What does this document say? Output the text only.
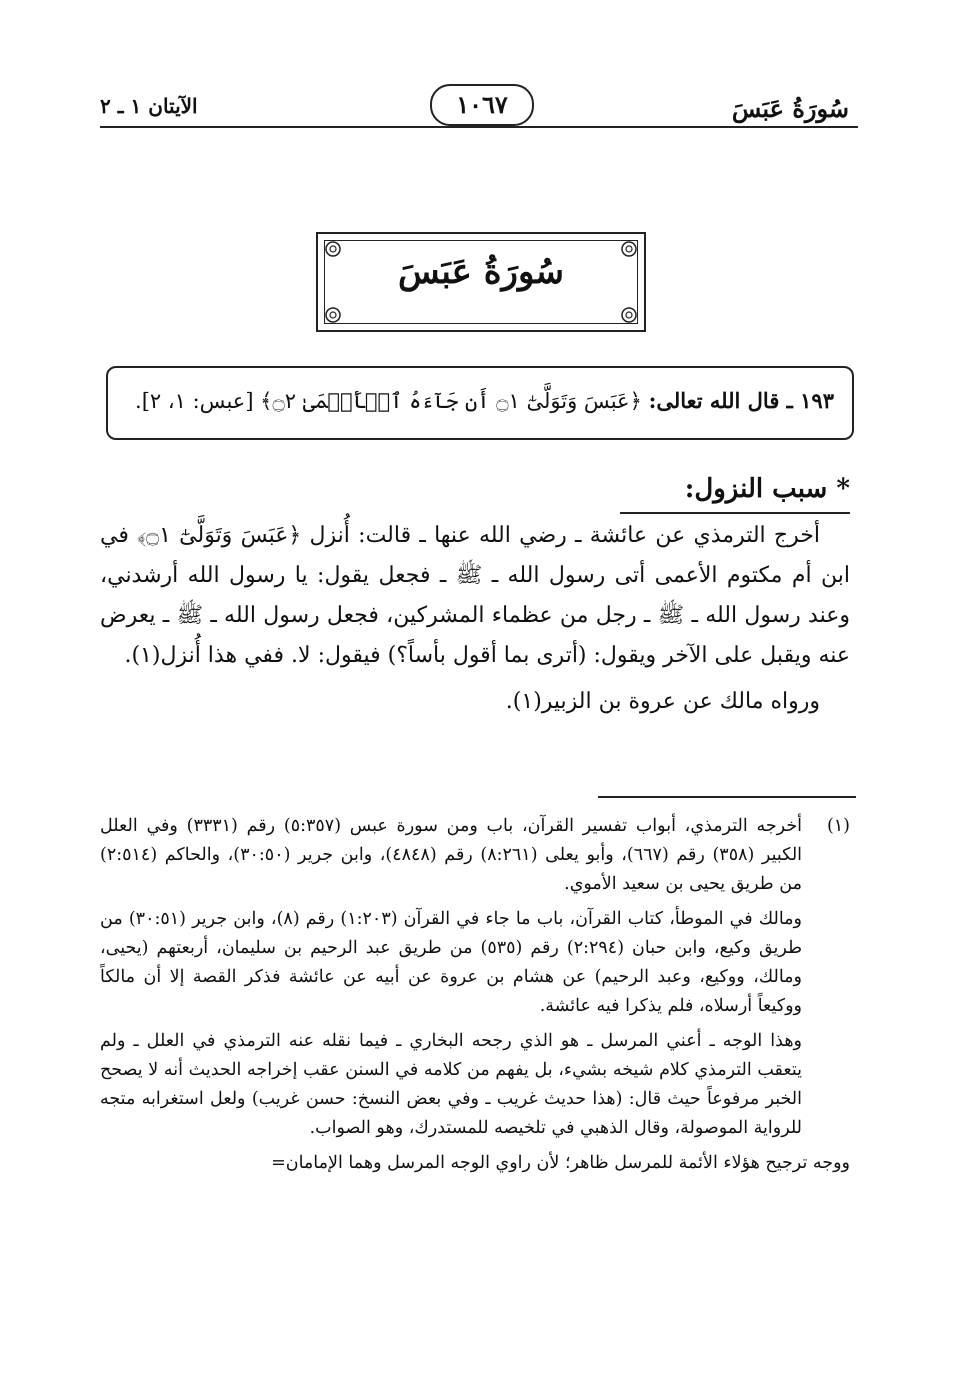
سُورَةُ عَبَسَ
١٠٦٧
الآيتان ١ ـ ٢
سُورَةُ عَبَسَ
١٩٣ ـ قال الله تعالى: ﴿عَبَسَ وَتَوَلَّىٰٓ ۝١ أَن جَآءَهُ ٱلۡأَعۡمَىٰ ۝٢﴾ [عبس: ١، ٢].
* سبب النزول:

أخرج الترمذي عن عائشة ـ رضي الله عنها ـ قالت: أُنزل ﴿عَبَسَ وَتَوَلَّىٰٓ ۝١﴾ في ابن أم مكتوم الأعمى أتى رسول الله ـ ﷺ ـ فجعل يقول: يا رسول الله أرشدني، وعند رسول الله ـ ﷺ ـ رجل من عظماء المشركين، فجعل رسول الله ـ ﷺ ـ يعرض عنه ويقبل على الآخر ويقول: (أترى بما أقول بأساً؟) فيقول: لا. ففي هذا أُنزل(١).

ورواه مالك عن عروة بن الزبير(١).

(١)

أخرجه الترمذي، أبواب تفسير القرآن، باب ومن سورة عبس (٥:٣٥٧) رقم (٣٣٣١) وفي العلل الكبير (٣٥٨) رقم (٦٦٧)، وأبو يعلى (٨:٢٦١) رقم (٤٨٤٨)، وابن جرير (٣٠:٥٠)، والحاكم (٢:٥١٤) من طريق يحيى بن سعيد الأموي.

ومالك في الموطأ، كتاب القرآن، باب ما جاء في القرآن (١:٢٠٣) رقم (٨)، وابن جرير (٣٠:٥١) من طريق وكيع، وابن حبان (٢:٢٩٤) رقم (٥٣٥) من طريق عبد الرحيم بن سليمان، أربعتهم (يحيى، ومالك، ووكيع، وعبد الرحيم) عن هشام بن عروة عن أبيه عن عائشة فذكر القصة إلا أن مالكاً ووكيعاً أرسلاه، فلم يذكرا فيه عائشة.

وهذا الوجه ـ أعني المرسل ـ هو الذي رجحه البخاري ـ فيما نقله عنه الترمذي في العلل ـ ولم يتعقب الترمذي كلام شيخه بشيء، بل يفهم من كلامه في السنن عقب إخراجه الحديث أنه لا يصحح الخبر مرفوعاً حيث قال: (هذا حديث غريب ـ وفي بعض النسخ: حسن غريب) ولعل استغرابه متجه للرواية الموصولة، وقال الذهبي في تلخيصه للمستدرك، وهو الصواب.

ووجه ترجيح هؤلاء الأئمة للمرسل ظاهر؛ لأن راوي الوجه المرسل وهما الإمامان=
